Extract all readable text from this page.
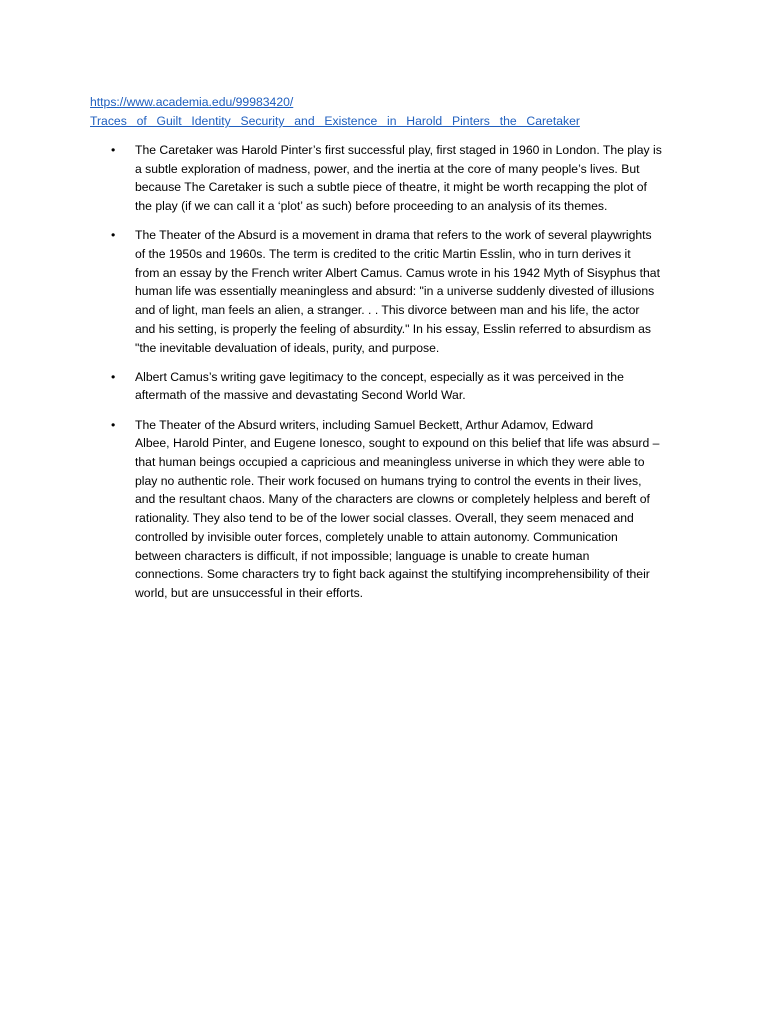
https://www.academia.edu/99983420/
Traces of Guilt Identity Security and Existence in Harold Pinters the Caretaker
• The Caretaker was Harold Pinter’s first successful play, first staged in 1960 in London. The play is
a subtle exploration of madness, power, and the inertia at the core of many people’s lives. But
because The Caretaker is such a subtle piece of theatre, it might be worth recapping the plot of
the play (if we can call it a ‘plot’ as such) before proceeding to an analysis of its themes.
• The Theater of the Absurd is a movement in drama that refers to the work of several playwrights
of the 1950s and 1960s. The term is credited to the critic Martin Esslin, who in turn derives it
from an essay by the French writer Albert Camus. Camus wrote in his 1942 Myth of Sisyphus that
human life was essentially meaningless and absurd: "in a universe suddenly divested of illusions
and of light, man feels an alien, a stranger. . . This divorce between man and his life, the actor
and his setting, is properly the feeling of absurdity." In his essay, Esslin referred to absurdism as
"the inevitable devaluation of ideals, purity, and purpose.
• Albert Camus’s writing gave legitimacy to the concept, especially as it was perceived in the
aftermath of the massive and devastating Second World War.
• The Theater of the Absurd writers, including Samuel Beckett, Arthur Adamov, Edward
Albee, Harold Pinter, and Eugene Ionesco, sought to expound on this belief that life was absurd –
that human beings occupied a capricious and meaningless universe in which they were able to
play no authentic role. Their work focused on humans trying to control the events in their lives,
and the resultant chaos. Many of the characters are clowns or completely helpless and bereft of
rationality. They also tend to be of the lower social classes. Overall, they seem menaced and
controlled by invisible outer forces, completely unable to attain autonomy. Communication
between characters is difficult, if not impossible; language is unable to create human
connections. Some characters try to fight back against the stultifying incomprehensibility of their
world, but are unsuccessful in their efforts.
